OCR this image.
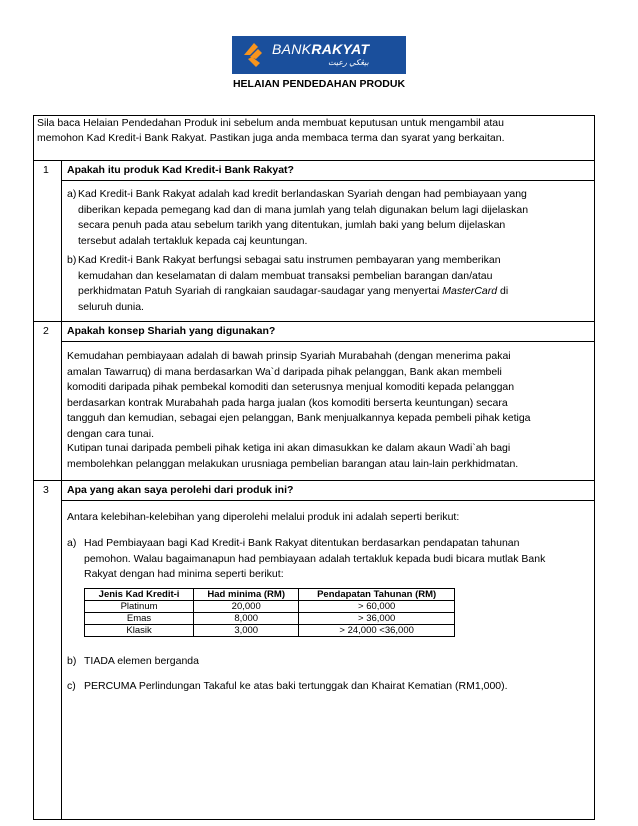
BANKRAKYAT
بيڠكي رعيت
HELAIAN PENDEDAHAN PRODUK
Sila baca Helaian Pendedahan Produk ini sebelum anda membuat keputusan untuk mengambil atau
memohon Kad Kredit-i Bank Rakyat. Pastikan juga anda membaca terma dan syarat yang berkaitan.
1 Apakah itu produk Kad Kredit-i Bank Rakyat?
a) Kad Kredit-i Bank Rakyat adalah kad kredit berlandaskan Syariah dengan had pembiayaan yang
diberikan kepada pemegang kad dan di mana jumlah yang telah digunakan belum lagi dijelaskan
secara penuh pada atau sebelum tarikh yang ditentukan, jumlah baki yang belum dijelaskan
tersebut adalah tertakluk kepada caj keuntungan.
b) Kad Kredit-i Bank Rakyat berfungsi sebagai satu instrumen pembayaran yang memberikan
kemudahan dan keselamatan di dalam membuat transaksi pembelian barangan dan/atau
perkhidmatan Patuh Syariah di rangkaian saudagar-saudagar yang menyertai MasterCard di
seluruh dunia.
2 Apakah konsep Shariah yang digunakan?
Kemudahan pembiayaan adalah di bawah prinsip Syariah Murabahah (dengan menerima pakai
amalan Tawarruq) di mana berdasarkan Wa`d daripada pihak pelanggan, Bank akan membeli
komoditi daripada pihak pembekal komoditi dan seterusnya menjual komoditi kepada pelanggan
berdasarkan kontrak Murabahah pada harga jualan (kos komoditi berserta keuntungan) secara
tangguh dan kemudian, sebagai ejen pelanggan, Bank menjualkannya kepada pembeli pihak ketiga
dengan cara tunai.
Kutipan tunai daripada pembeli pihak ketiga ini akan dimasukkan ke dalam akaun Wadi`ah bagi
membolehkan pelanggan melakukan urusniaga pembelian barangan atau lain-lain perkhidmatan.
3 Apa yang akan saya perolehi dari produk ini?
Antara kelebihan-kelebihan yang diperolehi melalui produk ini adalah seperti berikut:
a) Had Pembiayaan bagi Kad Kredit-i Bank Rakyat ditentukan berdasarkan pendapatan tahunan
pemohon. Walau bagaimanapun had pembiayaan adalah tertakluk kepada budi bicara mutlak Bank
Rakyat dengan had minima seperti berikut:
Jenis Kad Kredit-i	Had minima (RM)	Pendapatan Tahunan (RM)
Platinum	20,000	> 60,000
Emas	8,000	> 36,000
Klasik	3,000	> 24,000 <36,000
b) TIADA elemen berganda
c) PERCUMA Perlindungan Takaful ke atas baki tertunggak dan Khairat Kematian (RM1,000).
